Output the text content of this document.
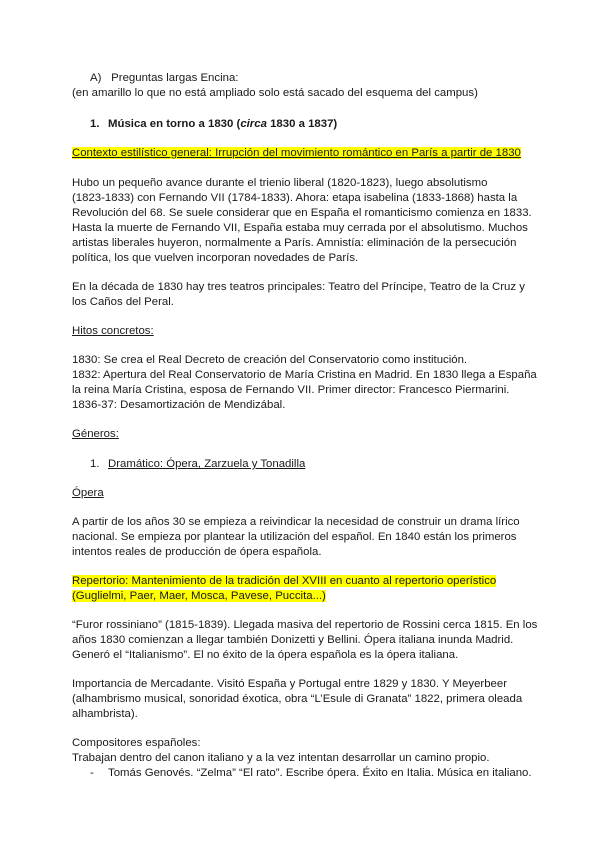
A) Preguntas largas Encina:
(en amarillo lo que no está ampliado solo está sacado del esquema del campus)
1. Música en torno a 1830 (circa 1830 a 1837)
Contexto estilístico general: Irrupción del movimiento romántico en París a partir de 1830
Hubo un pequeño avance durante el trienio liberal (1820-1823), luego absolutismo
(1823-1833) con Fernando VII (1784-1833). Ahora: etapa isabelina (1833-1868) hasta la
Revolución del 68. Se suele considerar que en España el romanticismo comienza en 1833.
Hasta la muerte de Fernando VII, España estaba muy cerrada por el absolutismo. Muchos
artistas liberales huyeron, normalmente a París. Amnistía: eliminación de la persecución
política, los que vuelven incorporan novedades de París.
En la década de 1830 hay tres teatros principales: Teatro del Príncipe, Teatro de la Cruz y
los Caños del Peral.
Hitos concretos:
1830: Se crea el Real Decreto de creación del Conservatorio como institución.
1832: Apertura del Real Conservatorio de María Cristina en Madrid. En 1830 llega a España
la reina María Cristina, esposa de Fernando VII. Primer director: Francesco Piermarini.
1836-37: Desamortización de Mendizábal.
Géneros:
1. Dramático: Ópera, Zarzuela y Tonadilla
Ópera
A partir de los años 30 se empieza a reivindicar la necesidad de construir un drama lírico
nacional. Se empieza por plantear la utilización del español. En 1840 están los primeros
intentos reales de producción de ópera española.
Repertorio: Mantenimiento de la tradición del XVIII en cuanto al repertorio operístico
(Guglielmi, Paer, Maer, Mosca, Pavese, Puccita...)
“Furor rossiniano” (1815-1839). Llegada masiva del repertorio de Rossini cerca 1815. En los
años 1830 comienzan a llegar también Donizetti y Bellini. Ópera italiana inunda Madrid.
Generó el “Italianismo”. El no éxito de la ópera española es la ópera italiana.
Importancia de Mercadante. Visitó España y Portugal entre 1829 y 1830. Y Meyerbeer
(alhambrismo musical, sonoridad éxotica, obra “L’Esule di Granata” 1822, primera oleada
alhambrista).
Compositores españoles:
Trabajan dentro del canon italiano y a la vez intentan desarrollar un camino propio.
- Tomás Genovés. “Zelma” “El rato”. Escribe ópera. Éxito en Italia. Música en italiano.
